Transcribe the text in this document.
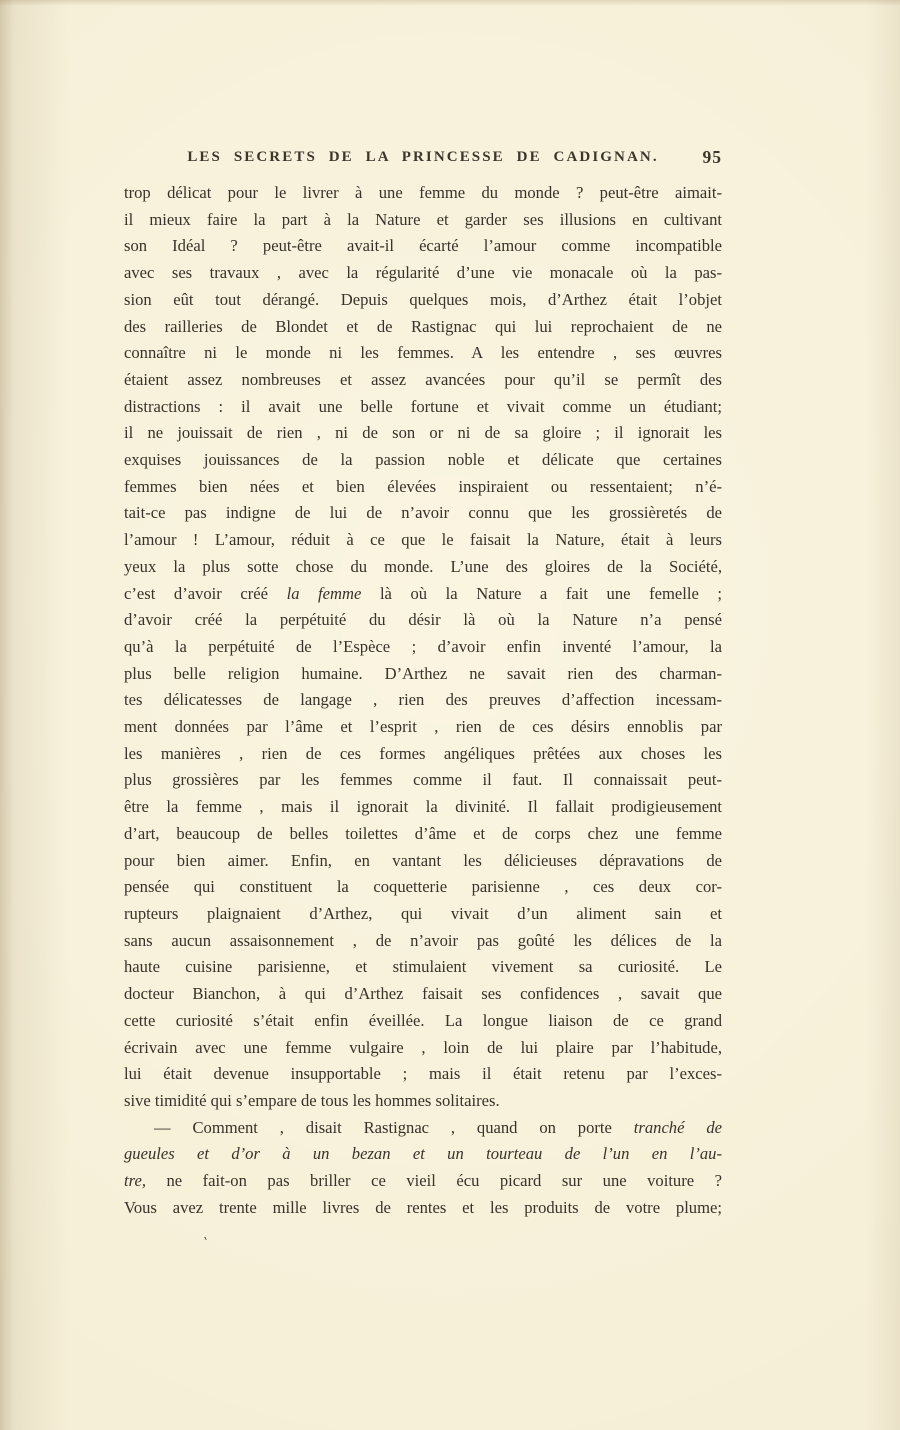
LES SECRETS DE LA PRINCESSE DE CADIGNAN.	95
trop délicat pour le livrer à une femme du monde ? peut-être aimait-
il mieux faire la part à la Nature et garder ses illusions en cultivant
son Idéal ? peut-être avait-il écarté l’amour comme incompatible
avec ses travaux , avec la régularité d’une vie monacale où la pas-
sion eût tout dérangé. Depuis quelques mois, d’Arthez était l’objet
des railleries de Blondet et de Rastignac qui lui reprochaient de ne
connaître ni le monde ni les femmes. A les entendre , ses œuvres
étaient assez nombreuses et assez avancées pour qu’il se permît des
distractions : il avait une belle fortune et vivait comme un étudiant;
il ne jouissait de rien , ni de son or ni de sa gloire ; il ignorait les
exquises jouissances de la passion noble et délicate que certaines
femmes bien nées et bien élevées inspiraient ou ressentaient; n’é-
tait-ce pas indigne de lui de n’avoir connu que les grossièretés de
l’amour ! L’amour, réduit à ce que le faisait la Nature, était à leurs
yeux la plus sotte chose du monde. L’une des gloires de la Société,
c’est d’avoir créé la femme là où la Nature a fait une femelle ;
d’avoir créé la perpétuité du désir là où la Nature n’a pensé
qu’à la perpétuité de l’Espèce ; d’avoir enfin inventé l’amour, la
plus belle religion humaine. D’Arthez ne savait rien des charman-
tes délicatesses de langage , rien des preuves d’affection incessam-
ment données par l’âme et l’esprit , rien de ces désirs ennoblis par
les manières , rien de ces formes angéliques prêtées aux choses les
plus grossières par les femmes comme il faut. Il connaissait peut-
être la femme , mais il ignorait la divinité. Il fallait prodigieusement
d’art, beaucoup de belles toilettes d’âme et de corps chez une femme
pour bien aimer. Enfin, en vantant les délicieuses dépravations de
pensée qui constituent la coquetterie parisienne , ces deux cor-
rupteurs plaignaient d’Arthez, qui vivait d’un aliment sain et
sans aucun assaisonnement , de n’avoir pas goûté les délices de la
haute cuisine parisienne, et stimulaient vivement sa curiosité. Le
docteur Bianchon, à qui d’Arthez faisait ses confidences , savait que
cette curiosité s’était enfin éveillée. La longue liaison de ce grand
écrivain avec une femme vulgaire , loin de lui plaire par l’habitude,
lui était devenue insupportable ; mais il était retenu par l’exces-
sive timidité qui s’empare de tous les hommes solitaires.
— Comment , disait Rastignac , quand on porte tranché de
gueules et d’or à un bezan et un tourteau de l’un en l’au-
tre, ne fait-on pas briller ce vieil écu picard sur une voiture ?
Vous avez trente mille livres de rentes et les produits de votre plume;
‵
